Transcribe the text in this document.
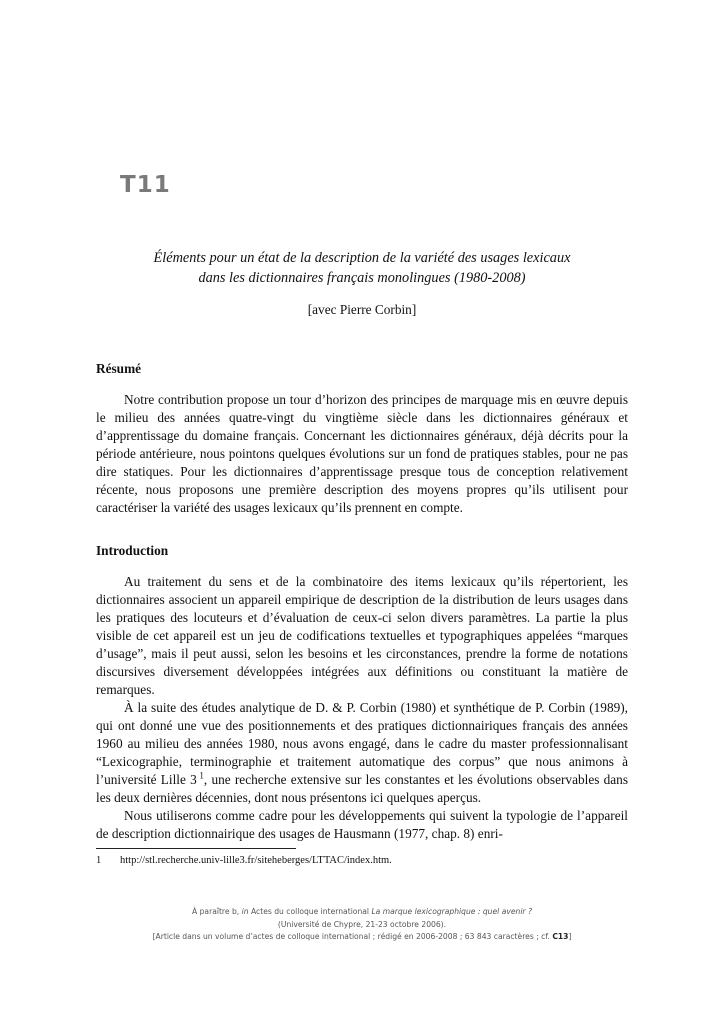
T11
Éléments pour un état de la description de la variété des usages lexicaux
dans les dictionnaires français monolingues (1980-2008)
[avec Pierre Corbin]
Résumé

Notre contribution propose un tour d’horizon des principes de marquage mis en œuvre depuis le milieu des années quatre-vingt du vingtième siècle dans les dictionnaires généraux et d’apprentissage du domaine français. Concernant les dictionnaires généraux, déjà décrits pour la période antérieure, nous pointons quelques évolutions sur un fond de pratiques stables, pour ne pas dire statiques. Pour les dictionnaires d’apprentissage presque tous de conception relativement récente, nous proposons une première description des moyens propres qu’ils utilisent pour caractériser la variété des usages lexicaux qu’ils prennent en compte.

Introduction

Au traitement du sens et de la combinatoire des items lexicaux qu’ils répertorient, les dictionnaires associent un appareil empirique de description de la distribution de leurs usages dans les pratiques des locuteurs et d’évaluation de ceux-ci selon divers paramètres. La partie la plus visible de cet appareil est un jeu de codifications textuelles et typographiques appelées “marques d’usage”, mais il peut aussi, selon les besoins et les circonstances, prendre la forme de notations discursives diversement développées intégrées aux définitions ou constituant la matière de remarques.

À la suite des études analytique de D. & P. Corbin (1980) et synthétique de P. Corbin (1989), qui ont donné une vue des positionnements et des pratiques dictionnairiques français des années 1960 au milieu des années 1980, nous avons engagé, dans le cadre du master professionnalisant “Lexicographie, terminographie et traitement automatique des corpus” que nous animons à l’université Lille 3  $^1$, une recherche extensive sur les constantes et les évolutions observables dans les deux dernières décennies, dont nous présentons ici quelques aperçus.

Nous utiliserons comme cadre pour les développements qui suivent la typologie de l’appareil de description dictionnairique des usages de Hausmann (1977, chap. 8) enri-

1 http://stl.recherche.univ-lille3.fr/siteheberges/LTTAC/index.htm.
À paraître b, in Actes du colloque international La marque lexicographique : quel avenir ?
(Université de Chypre, 21-23 octobre 2006).
[Article dans un volume d’actes de colloque international ; rédigé en 2006-2008 ; 63 843 caractères ; cf. C13]
